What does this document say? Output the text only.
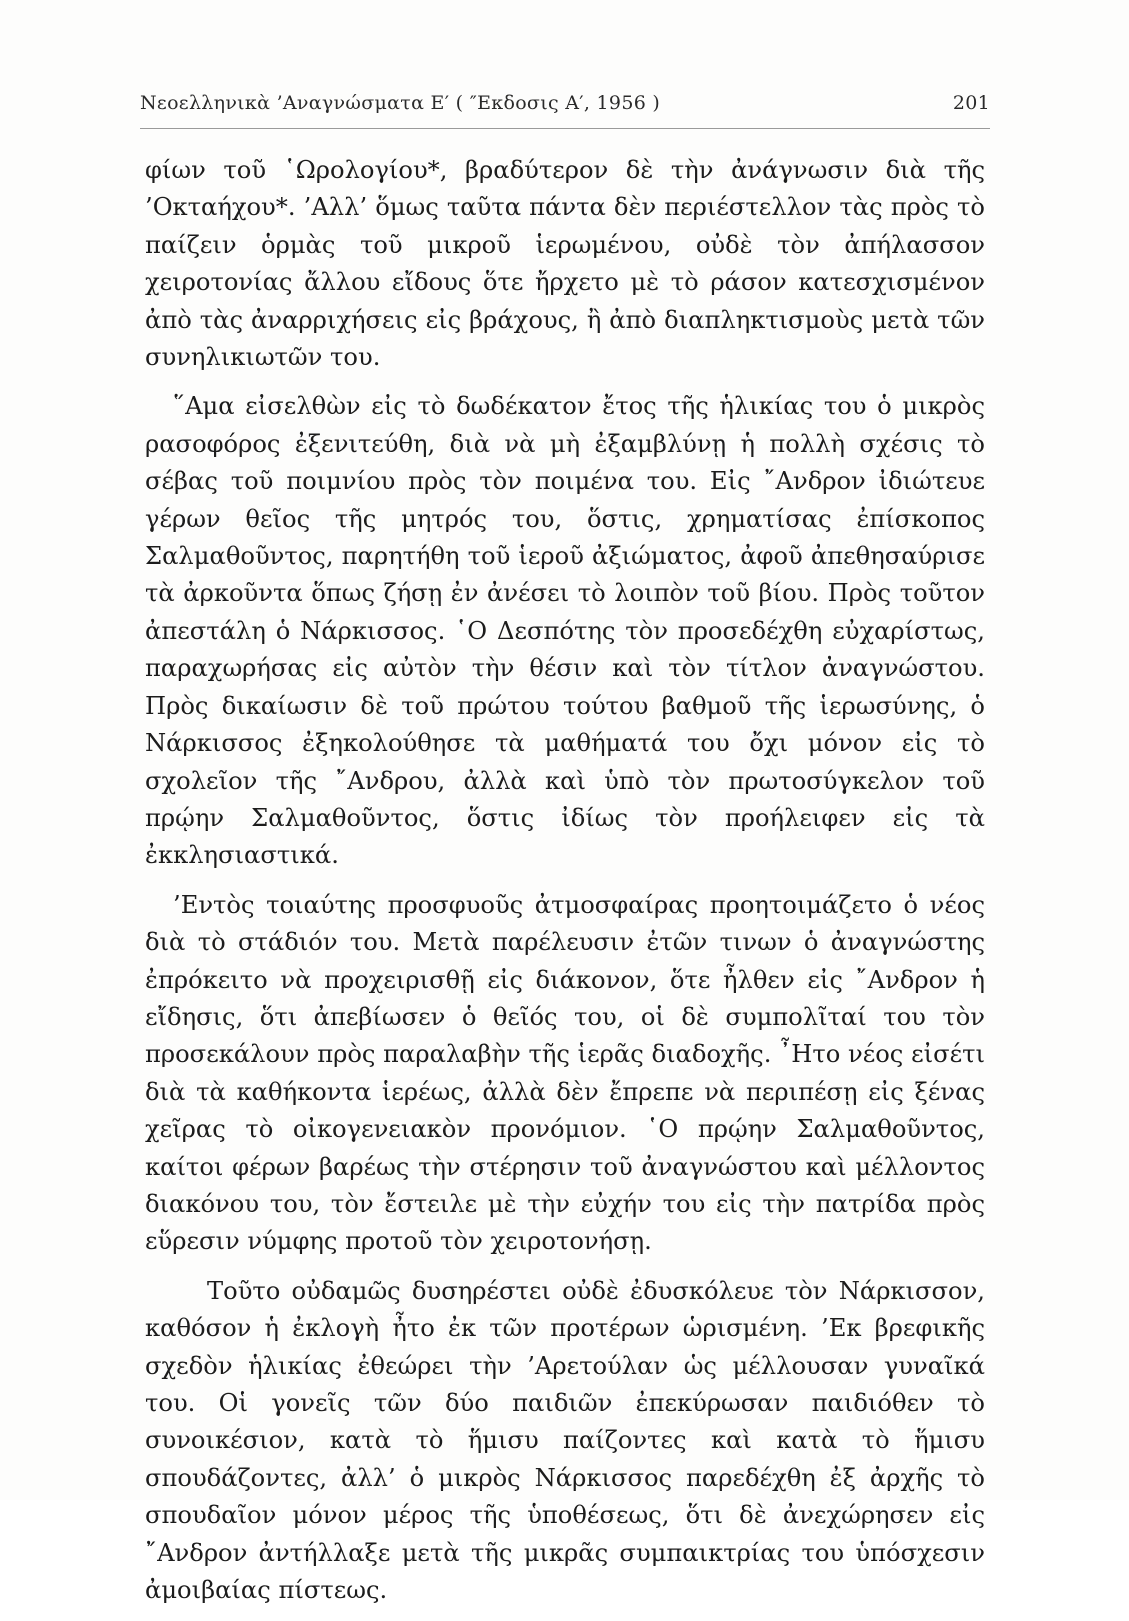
Νεοελληνικὰ ’Αναγνώσματα Ε′ ( ″Εκδοσις Α′, 1956 )	201

φίων τοῦ ῾Ωρολογίου*, βραδύτερον δὲ τὴν ἀνάγνωσιν διὰ τῆς ’Οκταήχου*. ’Αλλ’ ὅμως ταῦτα πάντα δὲν περιέστελλον τὰς πρὸς τὸ παίζειν ὁρμὰς τοῦ μικροῦ ἱερωμένου, οὐδὲ τὸν ἀπήλασσον χειροτονίας ἄλλου εἴδους ὅτε ἤρχετο μὲ τὸ ράσον κατεσχισμένον ἀπὸ τὰς ἀναρριχήσεις εἰς βράχους, ἢ ἀπὸ διαπληκτισμοὺς μετὰ τῶν συνηλικιωτῶν του.

῞Αμα εἰσελθὼν εἰς τὸ δωδέκατον ἔτος τῆς ἡλικίας του ὁ μικρὸς ρασοφόρος ἐξενιτεύθη, διὰ νὰ μὴ ἐξαμβλύνῃ ἡ πολλὴ σχέσις τὸ σέβας τοῦ ποιμνίου πρὸς τὸν ποιμένα του. Εἰς ῎Ανδρον ἰδιώτευε γέρων θεῖος τῆς μητρός του, ὅστις, χρηματίσας ἐπίσκοπος Σαλμαθοῦντος, παρητήθη τοῦ ἱεροῦ ἀξιώματος, ἀφοῦ ἀπεθησαύρισε τὰ ἀρκοῦντα ὅπως ζήσῃ ἐν ἀνέσει τὸ λοιπὸν τοῦ βίου. Πρὸς τοῦτον ἀπεστάλη ὁ Νάρκισσος. ῾Ο Δεσπότης τὸν προσεδέχθη εὐχαρίστως, παραχωρήσας εἰς αὐτὸν τὴν θέσιν καὶ τὸν τίτλον ἀναγνώστου. Πρὸς δικαίωσιν δὲ τοῦ πρώτου τούτου βαθμοῦ τῆς ἱερωσύνης, ὁ Νάρκισσος ἐξηκολούθησε τὰ μαθήματά του ὄχι μόνον εἰς τὸ σχολεῖον τῆς ῎Ανδρου, ἀλλὰ καὶ ὑπὸ τὸν πρωτοσύγκελον τοῦ πρῴην Σαλμαθοῦντος, ὅστις ἰδίως τὸν προήλειφεν εἰς τὰ ἐκκλησιαστικά.

’Εντὸς τοιαύτης προσφυοῦς ἀτμοσφαίρας προητοιμάζετο ὁ νέος διὰ τὸ στάδιόν του. Μετὰ παρέλευσιν ἐτῶν τινων ὁ ἀναγνώστης ἐπρόκειτο νὰ προχειρισθῇ εἰς διάκονον, ὅτε ἦλθεν εἰς ῎Ανδρον ἡ εἴδησις, ὅτι ἀπεβίωσεν ὁ θεῖός του, οἱ δὲ συμπολῖταί του τὸν προσεκάλουν πρὸς παραλαβὴν τῆς ἱερᾶς διαδοχῆς. ῏Ητο νέος εἰσέτι διὰ τὰ καθήκοντα ἱερέως, ἀλλὰ δὲν ἔπρεπε νὰ περιπέσῃ εἰς ξένας χεῖρας τὸ οἰκογενειακὸν προνόμιον. ῾Ο πρῴην Σαλμαθοῦντος, καίτοι φέρων βαρέως τὴν στέρησιν τοῦ ἀναγνώστου καὶ μέλλοντος διακόνου του, τὸν ἔστειλε μὲ τὴν εὐχήν του εἰς τὴν πατρίδα πρὸς εὕρεσιν νύμφης προτοῦ τὸν χειροτονήσῃ.

Τοῦτο οὐδαμῶς δυσηρέστει οὐδὲ ἐδυσκόλευε τὸν Νάρκισσον, καθόσον ἡ ἐκλογὴ ἦτο ἐκ τῶν προτέρων ὡρισμένη. ’Εκ βρεφικῆς σχεδὸν ἡλικίας ἐθεώρει τὴν ’Αρετούλαν ὡς μέλλουσαν γυναῖκά του. Οἱ γονεῖς τῶν δύο παιδιῶν ἐπεκύρωσαν παιδιόθεν τὸ συνοικέσιον, κατὰ τὸ ἥμισυ παίζοντες καὶ κατὰ τὸ ἥμισυ σπουδάζοντες, ἀλλ’ ὁ μικρὸς Νάρκισσος παρεδέχθη ἐξ ἀρχῆς τὸ σπουδαῖον μόνον μέρος τῆς ὑποθέσεως, ὅτι δὲ ἀνεχώρησεν εἰς ῎Ανδρον ἀντήλλαξε μετὰ τῆς μικρᾶς συμπαικτρίας του ὑπόσχεσιν ἀμοιβαίας πίστεως.
